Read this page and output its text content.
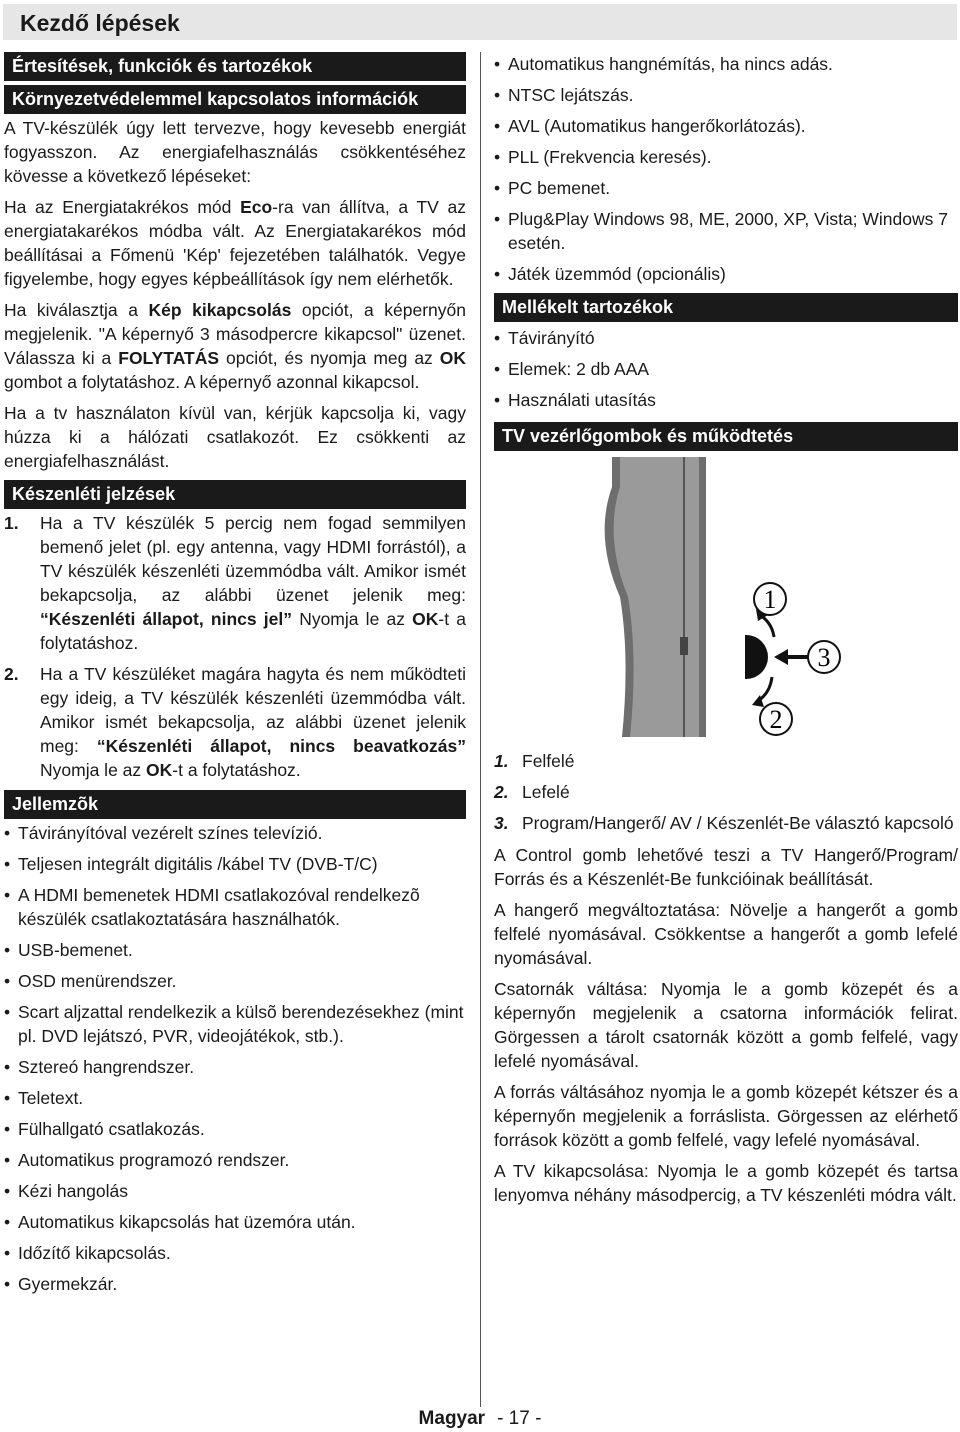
Kezdő lépések
Értesítések, funkciók és tartozékok
Környezetvédelemmel kapcsolatos információk

A TV-készülék úgy lett tervezve, hogy kevesebb energiát fogyasszon. Az energiafelhasználás csökkentéséhez kövesse a következő lépéseket:

Ha az Energiatakrékos mód Eco-ra van állítva, a TV az energiatakarékos módba vált. Az Energiatakarékos mód beállításai a Főmenü 'Kép' fejezetében találhatók. Vegye figyelembe, hogy egyes képbeállítások így nem elérhetők.

Ha kiválasztja a Kép kikapcsolás opciót, a képernyőn megjelenik. "A képernyő 3 másodpercre kikapcsol" üzenet. Válassza ki a FOLYTATÁS opciót, és nyomja meg az OK gombot a folytatáshoz. A képernyő azonnal kikapcsol.

Ha a tv használaton kívül van, kérjük kapcsolja ki, vagy húzza ki a hálózati csatlakozót. Ez csökkenti az energiafelhasználást.

Készenléti jelzések
1. Ha a TV készülék 5 percig nem fogad semmilyen bemenő jelet (pl. egy antenna, vagy HDMI forrástól), a TV készülék készenléti üzemmódba vált. Amikor ismét bekapcsolja, az alábbi üzenet jelenik meg: “Készenléti állapot, nincs jel” Nyomja le az OK-t a folytatáshoz.
2. Ha a TV készüléket magára hagyta és nem működteti egy ideig, a TV készülék készenléti üzemmódba vált. Amikor ismét bekapcsolja, az alábbi üzenet jelenik meg: “Készenléti állapot, nincs beavatkozás” Nyomja le az OK-t a folytatáshoz.
Jellemzõk
• Távirányítóval vezérelt színes televízió.
• Teljesen integrált digitális /kábel TV (DVB-T/C)
• A HDMI bemenetek HDMI csatlakozóval rendelkezõ készülék csatlakoztatására használhatók.
• USB-bemenet.
• OSD menürendszer.
• Scart aljzattal rendelkezik a külsõ berendezésekhez (mint pl. DVD lejátszó, PVR, videojátékok, stb.).
• Sztereó hangrendszer.
• Teletext.
• Fülhallgató csatlakozás.
• Automatikus programozó rendszer.
• Kézi hangolás
• Automatikus kikapcsolás hat üzemóra után.
• Időzítő kikapcsolás.
• Gyermekzár.
• Automatikus hangnémítás, ha nincs adás.
• NTSC lejátszás.
• AVL (Automatikus hangerőkorlátozás).
• PLL (Frekvencia keresés).
• PC bemenet.
• Plug&Play Windows 98, ME, 2000, XP, Vista; Windows 7 esetén.
• Játék üzemmód (opcionális)
Mellékelt tartozékok
• Távirányító
• Elemek: 2 db AAA
• Használati utasítás
TV vezérlőgombok és működtetés
1
2
3
1. Felfelé
2. Lefelé
3. Program/Hangerő/ AV / Készenlét-Be választó kapcsoló

A Control gomb lehetővé teszi a TV Hangerő/Program/ Forrás és a Készenlét-Be funkcióinak beállítását.

A hangerő megváltoztatása: Növelje a hangerőt a gomb felfelé nyomásával. Csökkentse a hangerőt a gomb lefelé nyomásával.

Csatornák váltása: Nyomja le a gomb közepét és a képernyőn megjelenik a csatorna információk felirat. Görgessen a tárolt csatornák között a gomb felfelé, vagy lefelé nyomásával.

A forrás váltásához nyomja le a gomb közepét kétszer és a képernyőn megjelenik a forráslista. Görgessen az elérhető források között a gomb felfelé, vagy lefelé nyomásával.

A TV kikapcsolása: Nyomja le a gomb közepét és tartsa lenyomva néhány másodpercig, a TV készenléti módra vált.

Magyar - 17 -
